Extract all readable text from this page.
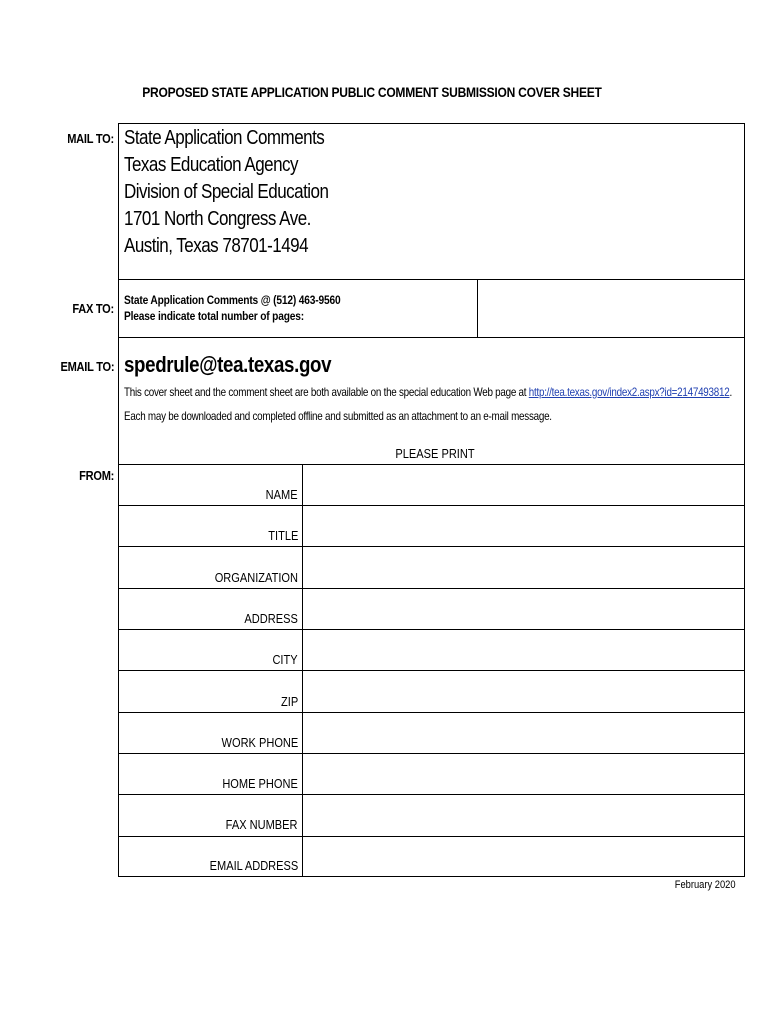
PROPOSED STATE APPLICATION PUBLIC COMMENT SUBMISSION COVER SHEET
MAIL TO:
FAX TO:
EMAIL TO:
FROM:
State Application Comments
Texas Education Agency
Division of Special Education
1701 North Congress Ave.
Austin, Texas 78701-1494
State Application Comments @ (512) 463-9560
Please indicate total number of pages:
spedrule@tea.texas.gov
This cover sheet and the comment sheet are both available on the special education Web page at http://tea.texas.gov/index2.aspx?id=2147493812.
Each may be downloaded and completed offline and submitted as an attachment to an e-mail message.
PLEASE PRINT
NAME
TITLE
ORGANIZATION
ADDRESS
CITY
ZIP
WORK PHONE
HOME PHONE
FAX NUMBER
EMAIL ADDRESS
February 2020
